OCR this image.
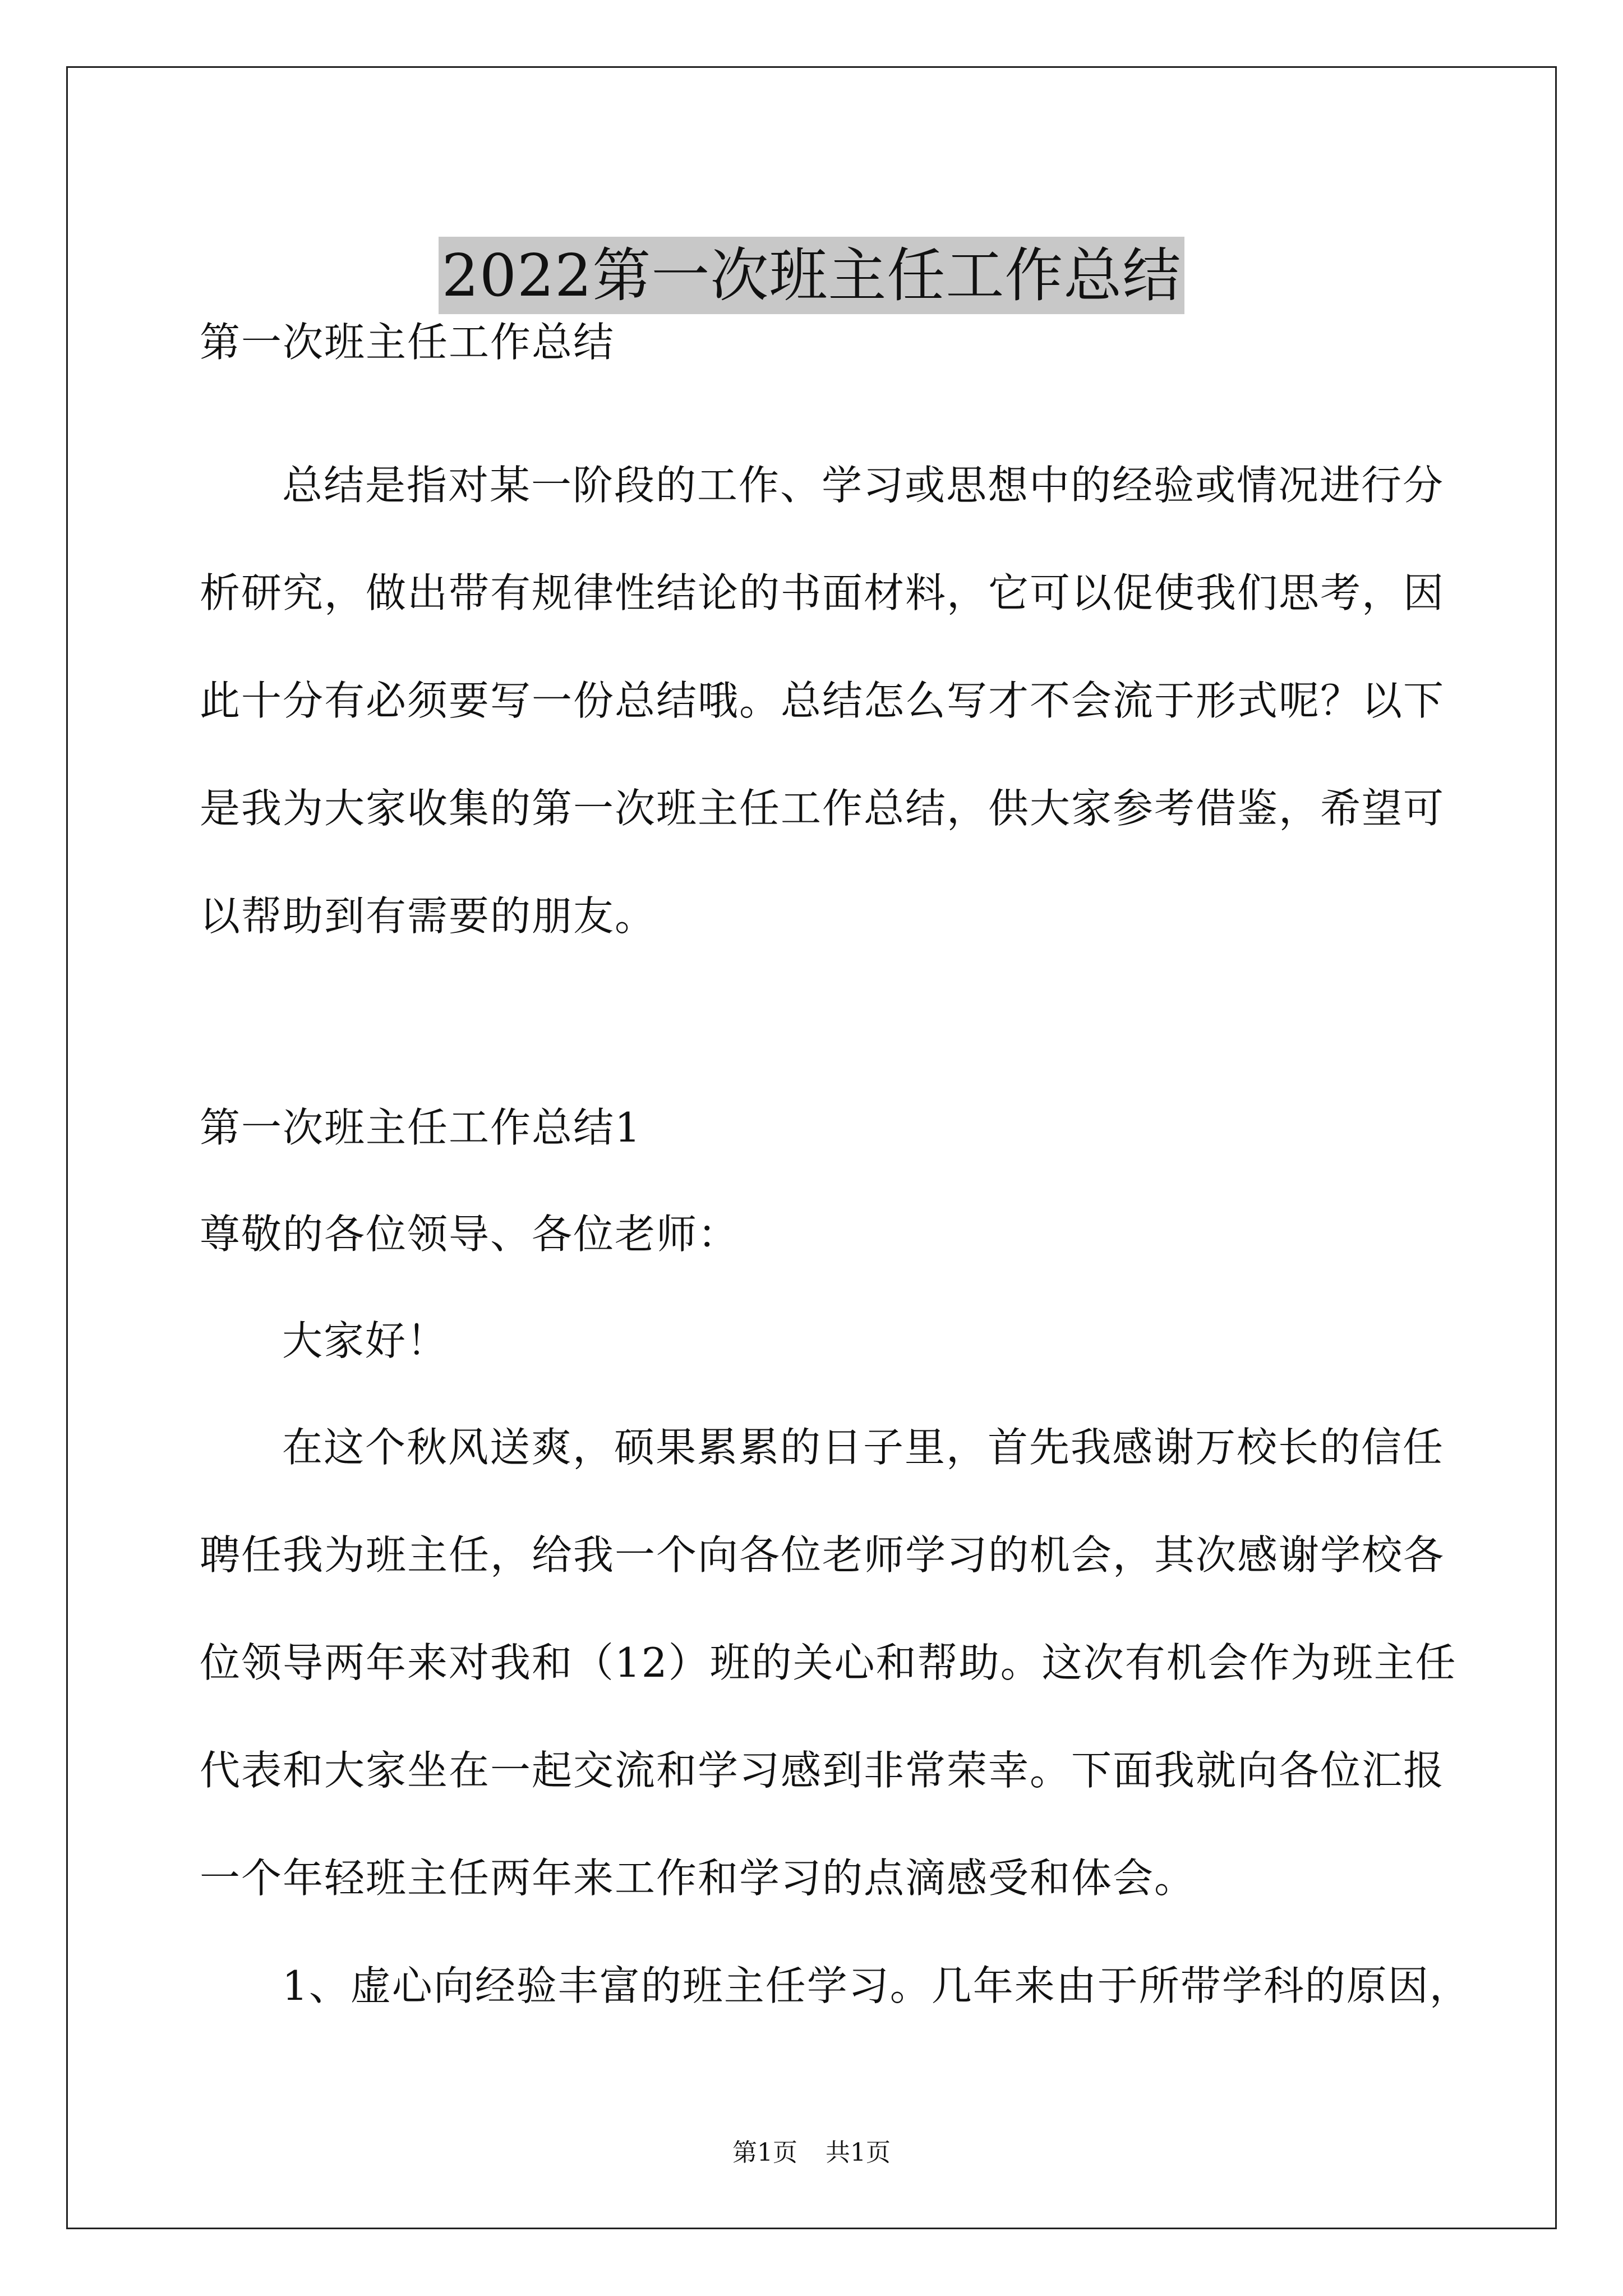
2022第一次班主任工作总结
第一次班主任工作总结
总结是指对某一阶段的工作、学习或思想中的经验或情况进行分
析研究，做出带有规律性结论的书面材料，它可以促使我们思考，因
此十分有必须要写一份总结哦。总结怎么写才不会流于形式呢？以下
是我为大家收集的第一次班主任工作总结，供大家参考借鉴，希望可
以帮助到有需要的朋友。
第一次班主任工作总结1
尊敬的各位领导、各位老师：
大家好！
在这个秋风送爽，硕果累累的日子里，首先我感谢万校长的信任
聘任我为班主任，给我一个向各位老师学习的机会，其次感谢学校各
位领导两年来对我和（12）班的关心和帮助。这次有机会作为班主任
代表和大家坐在一起交流和学习感到非常荣幸。下面我就向各位汇报
一个年轻班主任两年来工作和学习的点滴感受和体会。
1、虚心向经验丰富的班主任学习。几年来由于所带学科的原因，
第1页 共1页
